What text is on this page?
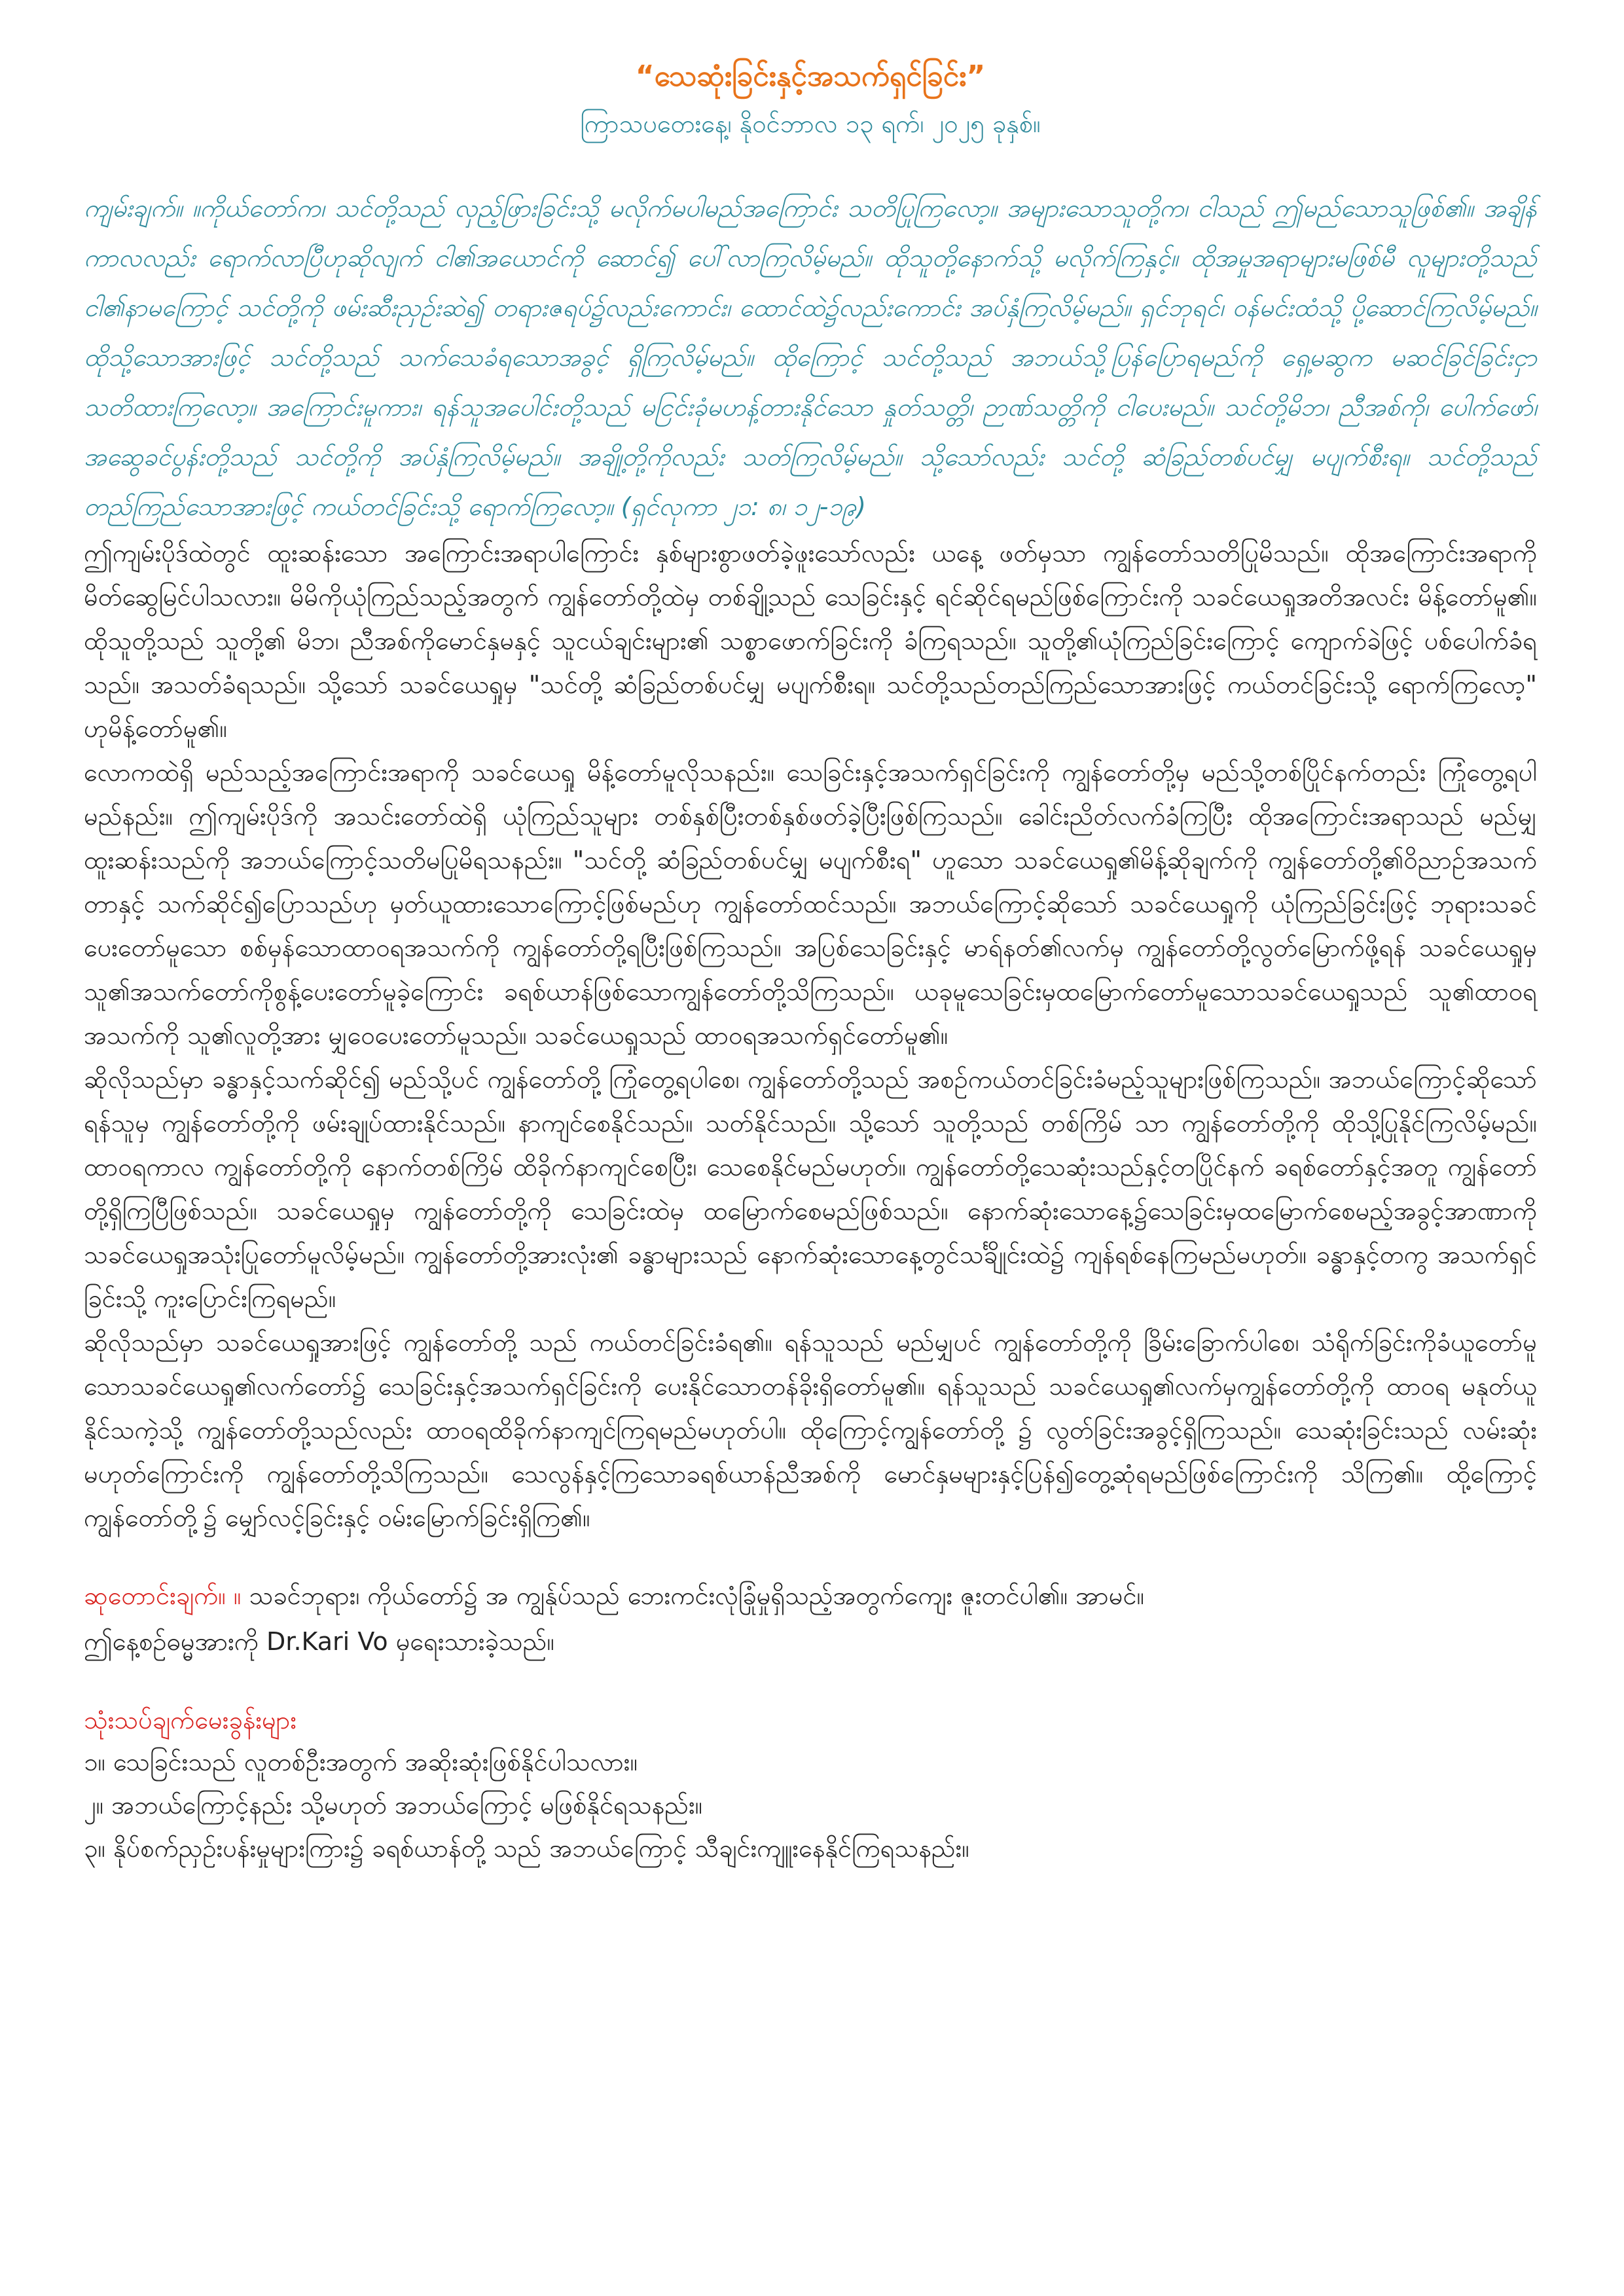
“သေဆုံးခြင်းနှင့်အသက်ရှင်ခြင်း”
ကြာသပတေးနေ့၊ နိုဝင်ဘာလ ၁၃ ရက်၊ ၂၀၂၅ ခုနှစ်။
ကျမ်းချက်။ ။ကိုယ်တော်က၊ သင်တို့သည် လှည့်ဖြားခြင်းသို့ မလိုက်မပါမည်အကြောင်း သတိပြုကြလော့။ အများသောသူတို့က၊ ငါသည် ဤမည်သောသူဖြစ်၏။ အချိန်ကာလလည်း ရောက်လာပြီဟုဆိုလျက် ငါ၏အယောင်ကို ဆောင်၍ ပေါ်လာကြလိမ့်မည်။ ထိုသူတို့နောက်သို့ မလိုက်ကြနှင့်။ ထိုအမှုအရာများမဖြစ်မီ လူများတို့သည် ငါ၏နာမကြောင့် သင်တို့ကို ဖမ်းဆီးညှဉ်းဆဲ၍ တရားဇရပ်၌လည်းကောင်း၊ ထောင်ထဲ၌လည်းကောင်း အပ်နှံကြလိမ့်မည်။ ရှင်ဘုရင်၊ ဝန်မင်းထံသို့ ပို့ဆောင်ကြလိမ့်မည်။ထိုသို့သောအားဖြင့် သင်တို့သည် သက်သေခံရသောအခွင့် ရှိကြလိမ့်မည်။ ထိုကြောင့် သင်တို့သည် အဘယ်သို့ပြန်ပြောရမည်ကို ရှေ့မဆွက မဆင်ခြင်ခြင်းငှာ သတိထားကြလော့။ အကြောင်းမူကား၊ ရန်သူအပေါင်းတို့သည် မငြင်းခုံမဟန့်တားနိုင်သော နှုတ်သတ္တိ၊ ဉာဏ်သတ္တိကို ငါပေးမည်။ သင်တို့မိဘ၊ ညီအစ်ကို၊ ပေါက်ဖော်၊ အဆွေခင်ပွန်းတို့သည် သင်တို့ကို အပ်နှံကြလိမ့်မည်။ အချို့တို့ကိုလည်း သတ်ကြလိမ့်မည်။ သို့သော်လည်း သင်တို့ ဆံခြည်တစ်ပင်မျှ မပျက်စီးရ။ သင်တို့သည် တည်ကြည်သောအားဖြင့် ကယ်တင်ခြင်းသို့ ရောက်ကြလော့။ (ရှင်လုကာ ၂၁: ၈၊ ၁၂-၁၉)

ဤကျမ်းပိုဒ်ထဲတွင် ထူးဆန်းသော အကြောင်းအရာပါကြောင်း နှစ်များစွာဖတ်ခဲ့ဖူးသော်လည်း ယနေ့ ဖတ်မှသာ ကျွန်တော်သတိပြုမိသည်။ ထိုအကြောင်းအရာကို မိတ်ဆွေမြင်ပါသလား။ မိမိကိုယုံကြည်သည့်အတွက် ကျွန်တော်တို့ထဲမှ တစ်ချို့သည် သေခြင်းနှင့် ရင်ဆိုင်ရမည်ဖြစ်ကြောင်းကို သခင်ယေရှုအတိအလင်း မိန့်တော်မူ၏။ ထိုသူတို့သည် သူတို့၏ မိဘ၊ ညီအစ်ကိုမောင်နှမနှင့် သူငယ်ချင်းများ၏ သစ္စာဖောက်ခြင်းကို ခံကြရသည်။ သူတို့၏ယုံကြည်ခြင်းကြောင့် ကျောက်ခဲဖြင့် ပစ်ပေါက်ခံရသည်။ အသတ်ခံရသည်။ သို့သော် သခင်ယေရှုမှ "သင်တို့ ဆံခြည်တစ်ပင်မျှ မပျက်စီးရ။ သင်တို့သည်တည်ကြည်သောအားဖြင့် ကယ်တင်ခြင်းသို့ ရောက်ကြလော့" ဟုမိန့်တော်မူ၏။

လောကထဲရှိ မည်သည့်အကြောင်းအရာကို သခင်ယေရှု မိန့်တော်မူလိုသနည်း။ သေခြင်းနှင့်အသက်ရှင်ခြင်းကို ကျွန်တော်တို့မှ မည်သို့တစ်ပြိုင်နက်တည်း ကြုံတွေ့ရပါမည်နည်း။ ဤကျမ်းပိုဒ်ကို အသင်းတော်ထဲရှိ ယုံကြည်သူများ တစ်နှစ်ပြီးတစ်နှစ်ဖတ်ခဲ့ပြီးဖြစ်ကြသည်။ ခေါင်းညိတ်လက်ခံကြပြီး ထိုအကြောင်းအရာသည် မည်မျှထူးဆန်းသည်ကို အဘယ်ကြောင့်သတိမပြုမိရသနည်း။ "သင်တို့ ဆံခြည်တစ်ပင်မျှ မပျက်စီးရ" ဟူသော သခင်ယေရှု၏မိန့်ဆိုချက်ကို ကျွန်တော်တို့၏ဝိညာဉ်အသက်တာနှင့် သက်ဆိုင်၍ပြောသည်ဟု မှတ်ယူထားသောကြောင့်ဖြစ်မည်ဟု ကျွန်တော်ထင်သည်။ အဘယ်ကြောင့်ဆိုသော် သခင်ယေရှုကို ယုံကြည်ခြင်းဖြင့် ဘုရားသခင်ပေးတော်မူသော စစ်မှန်သောထာဝရအသက်ကို ကျွန်တော်တို့ရပြီးဖြစ်ကြသည်။ အပြစ်သေခြင်းနှင့် မာရ်နတ်၏လက်မှ ကျွန်တော်တို့လွတ်မြောက်ဖို့ရန် သခင်ယေရှုမှ သူ၏အသက်တော်ကိုစွန့်ပေးတော်မူခဲ့ကြောင်း ခရစ်ယာန်ဖြစ်သောကျွန်တော်တို့သိကြသည်။ ယခုမူသေခြင်းမှထမြောက်တော်မူသောသခင်ယေရှုသည် သူ၏ထာဝရအသက်ကို သူ၏လူတို့အား မျှဝေပေးတော်မူသည်။ သခင်ယေရှုသည် ထာဝရအသက်ရှင်တော်မူ၏။

ဆိုလိုသည်မှာ ခန္ဓာနှင့်သက်ဆိုင်၍ မည်သို့ပင် ကျွန်တော်တို့ ကြုံတွေ့ရပါစေ၊ ကျွန်တော်တို့သည် အစဉ်ကယ်တင်ခြင်းခံမည့်သူများဖြစ်ကြသည်။ အဘယ်ကြောင့်ဆိုသော် ရန်သူမှ ကျွန်တော်တို့ကို ဖမ်းချုပ်ထားနိုင်သည်။ နာကျင်စေနိုင်သည်။ သတ်နိုင်သည်။ သို့သော် သူတို့သည် တစ်ကြိမ် သာ ကျွန်တော်တို့ကို ထိုသို့ပြုနိုင်ကြလိမ့်မည်။ ထာဝရကာလ ကျွန်တော်တို့ကို နောက်တစ်ကြိမ် ထိခိုက်နာကျင်စေပြီး၊ သေစေနိုင်မည်မဟုတ်။ ကျွန်တော်တို့သေဆုံးသည်နှင့်တပြိုင်နက် ခရစ်တော်နှင့်အတူ ကျွန်တော်တို့ရှိကြပြီဖြစ်သည်။ သခင်ယေရှုမှ ကျွန်တော်တို့ကို သေခြင်းထဲမှ ထမြောက်စေမည်ဖြစ်သည်။ နောက်ဆုံးသောနေ့၌သေခြင်းမှထမြောက်စေမည့်အခွင့်အာဏာကို သခင်ယေရှုအသုံးပြုတော်မူလိမ့်မည်။ ကျွန်တော်တို့အားလုံး၏ ခန္ဓာများသည် နောက်ဆုံးသောနေ့တွင်သင်္ချိုင်းထဲ၌ ကျန်ရစ်နေကြမည်မဟုတ်။ ခန္ဓာနှင့်တကွ အသက်ရှင်ခြင်းသို့ ကူးပြောင်းကြရမည်။

ဆိုလိုသည်မှာ သခင်ယေရှုအားဖြင့် ကျွန်တော်တို့ သည် ကယ်တင်ခြင်းခံရ၏။ ရန်သူသည် မည်မျှပင် ကျွန်တော်တို့ကို ခြိမ်းခြောက်ပါစေ၊ သံရိုက်ခြင်းကိုခံယူတော်မူသောသခင်ယေရှု၏လက်တော်၌ သေခြင်းနှင့်အသက်ရှင်ခြင်းကို ပေးနိုင်သောတန်ခိုးရှိတော်မူ၏။ ရန်သူသည် သခင်ယေရှု၏လက်မှကျွန်တော်တို့ကို ထာဝရ မနုတ်ယူနိုင်သကဲ့သို့ ကျွန်တော်တို့သည်လည်း ထာဝရထိခိုက်နာကျင်ကြရမည်မဟုတ်ပါ။ ထိုကြောင့်ကျွန်တော်တို့ ၌ လွတ်ခြင်းအခွင့်ရှိကြသည်။ သေဆုံးခြင်းသည် လမ်းဆုံးမဟုတ်ကြောင်းကို ကျွန်တော်တို့သိကြသည်။ သေလွန်နှင့်ကြသောခရစ်ယာန်ညီအစ်ကို မောင်နှမများနှင့်ပြန်၍တွေ့ဆုံရမည်ဖြစ်ကြောင်းကို သိကြ၏။ ထို့ကြောင့် ကျွန်တော်တို့၌ မျှော်လင့်ခြင်းနှင့် ဝမ်းမြောက်ခြင်းရှိကြ၏။

ဆုတောင်းချက်။ ။ သခင်ဘုရား၊ ကိုယ်တော်၌ အ ကျွန်ုပ်သည် ဘေးကင်းလုံခြုံမှုရှိသည့်အတွက်ကျေး ဇူးတင်ပါ၏။ အာမင်။
ဤနေ့စဉ်ဓမ္မအားကို Dr.Kari Vo မှရေးသားခဲ့သည်။
သုံးသပ်ချက်မေးခွန်းများ
၁။ သေခြင်းသည် လူတစ်ဦးအတွက် အဆိုးဆုံးဖြစ်နိုင်ပါသလား။
၂။ အဘယ်ကြောင့်နည်း သို့မဟုတ် အဘယ်ကြောင့် မဖြစ်နိုင်ရသနည်း။
၃။ နိုပ်စက်ညှဉ်းပန်းမှုများကြား၌ ခရစ်ယာန်တို့ သည် အဘယ်ကြောင့် သီချင်းကျူးနေနိုင်ကြရသနည်း။
